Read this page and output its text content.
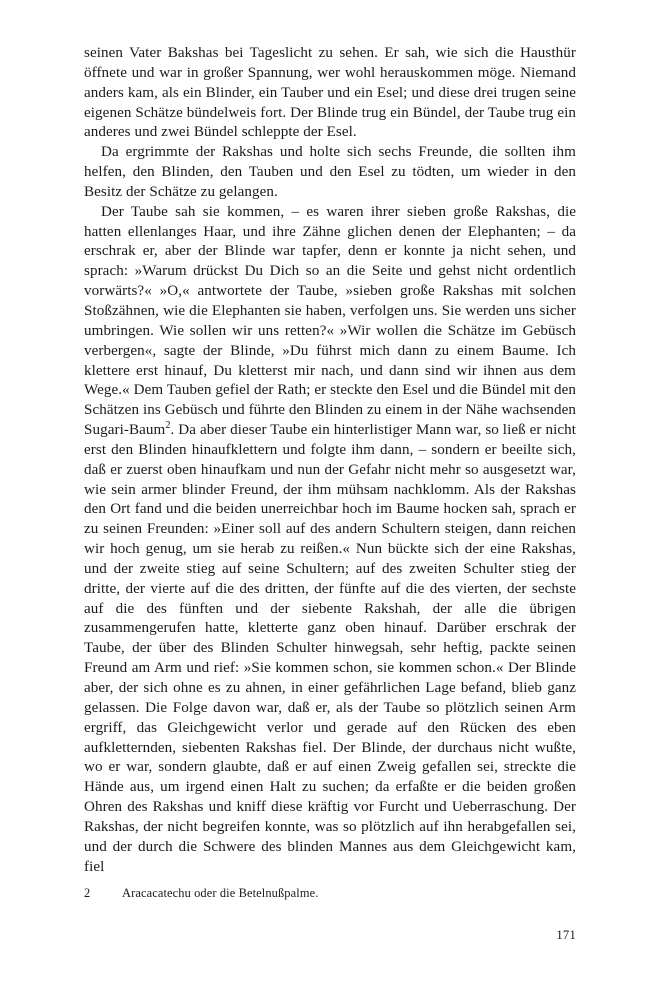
seinen Vater Bakshas bei Tageslicht zu sehen. Er sah, wie sich die Hausthür öffnete und war in großer Spannung, wer wohl herauskommen möge. Niemand anders kam, als ein Blinder, ein Tauber und ein Esel; und diese drei trugen seine eigenen Schätze bündelweis fort. Der Blinde trug ein Bündel, der Taube trug ein anderes und zwei Bündel schleppte der Esel.

Da ergrimmte der Rakshas und holte sich sechs Freunde, die sollten ihm helfen, den Blinden, den Tauben und den Esel zu tödten, um wieder in den Besitz der Schätze zu gelangen.

Der Taube sah sie kommen, – es waren ihrer sieben große Rakshas, die hatten ellenlanges Haar, und ihre Zähne glichen denen der Elephanten; – da erschrak er, aber der Blinde war tapfer, denn er konnte ja nicht sehen, und sprach: »Warum drückst Du Dich so an die Seite und gehst nicht ordentlich vorwärts?« »O,« antwortete der Taube, »sieben große Rakshas mit solchen Stoßzähnen, wie die Elephanten sie haben, verfolgen uns. Sie werden uns sicher umbringen. Wie sollen wir uns retten?« »Wir wollen die Schätze im Gebüsch verbergen«, sagte der Blinde, »Du führst mich dann zu einem Baume. Ich klettere erst hinauf, Du kletterst mir nach, und dann sind wir ihnen aus dem Wege.« Dem Tauben gefiel der Rath; er steckte den Esel und die Bündel mit den Schätzen ins Gebüsch und führte den Blinden zu einem in der Nähe wachsenden Sugari-Baum$^2$. Da aber dieser Taube ein hinterlistiger Mann war, so ließ er nicht erst den Blinden hinaufklettern und folgte ihm dann, – sondern er beeilte sich, daß er zuerst oben hinaufkam und nun der Gefahr nicht mehr so ausgesetzt war, wie sein armer blinder Freund, der ihm mühsam nachklomm. Als der Rakshas den Ort fand und die beiden unerreichbar hoch im Baume hocken sah, sprach er zu seinen Freunden: »Einer soll auf des andern Schultern steigen, dann reichen wir hoch genug, um sie herab zu reißen.« Nun bückte sich der eine Rakshas, und der zweite stieg auf seine Schultern; auf des zweiten Schulter stieg der dritte, der vierte auf die des dritten, der fünfte auf die des vierten, der sechste auf die des fünften und der siebente Rakshah, der alle die übrigen zusammengerufen hatte, kletterte ganz oben hinauf. Darüber erschrak der Taube, der über des Blinden Schulter hinwegsah, sehr heftig, packte seinen Freund am Arm und rief: »Sie kommen schon, sie kommen schon.« Der Blinde aber, der sich ohne es zu ahnen, in einer gefährlichen Lage befand, blieb ganz gelassen. Die Folge davon war, daß er, als der Taube so plötzlich seinen Arm ergriff, das Gleichgewicht verlor und gerade auf den Rücken des eben aufkletternden, siebenten Rakshas fiel. Der Blinde, der durchaus nicht wußte, wo er war, sondern glaubte, daß er auf einen Zweig gefallen sei, streckte die Hände aus, um irgend einen Halt zu suchen; da erfaßte er die beiden großen Ohren des Rakshas und kniff diese kräftig vor Furcht und Ueberraschung. Der Rakshas, der nicht begreifen konnte, was so plötzlich auf ihn herabgefallen sei, und der durch die Schwere des blinden Mannes aus dem Gleichgewicht kam, fiel

2	Aracacatechu oder die Betelnußpalme.
171
